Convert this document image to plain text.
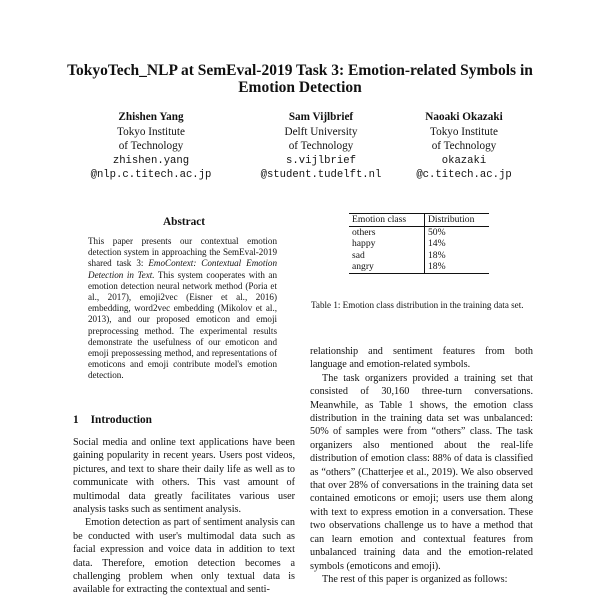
TokyoTech_NLP at SemEval-2019 Task 3: Emotion-related Symbols in
Emotion Detection
Zhishen Yang
Tokyo Institute
of Technology
zhishen.yang
@nlp.c.titech.ac.jp
Sam Vijlbrief
Delft University
of Technology
s.vijlbrief
@student.tudelft.nl
Naoaki Okazaki
Tokyo Institute
of Technology
okazaki
@c.titech.ac.jp
Abstract
This paper presents our contextual emotion detection system in approaching the SemEval-2019 shared task 3: EmoContext: Contextual Emotion Detection in Text. This system cooperates with an emotion detection neural network method (Poria et al., 2017), emoji2vec (Eisner et al., 2016) embedding, word2vec embedding (Mikolov et al., 2013), and our proposed emoticon and emoji preprocessing method. The experimental results demonstrate the usefulness of our emoticon and emoji prepossessing method, and representations of emoticons and emoji contribute model's emotion detection.
1 Introduction

Social media and online text applications have been gaining popularity in recent years. Users post videos, pictures, and text to share their daily life as well as to communicate with others. This vast amount of multimodal data greatly facilitates various user analysis tasks such as sentiment analysis.

Emotion detection as part of sentiment analysis can be conducted with user's multimodal data such as facial expression and voice data in addition to text data. Therefore, emotion detection becomes a challenging problem when only textual data is available for extracting the contextual and senti-

Emotion class	Distribution
others	50%
happy	14%
sad	18%
angry	18%
Table 1: Emotion class distribution in the training data set.

relationship and sentiment features from both language and emotion-related symbols.

The task organizers provided a training set that consisted of 30,160 three-turn conversations. Meanwhile, as Table 1 shows, the emotion class distribution in the training data set was unbalanced: 50% of samples were from “others” class. The task organizers also mentioned about the real-life distribution of emotion class: 88% of data is classified as “others” (Chatterjee et al., 2019). We also observed that over 28% of conversations in the training data set contained emoticons or emoji; users use them along with text to express emotion in a conversation. These two observations challenge us to have a method that can learn emotion and contextual features from unbalanced training data and the emotion-related symbols (emoticons and emoji).

The rest of this paper is organized as follows:
